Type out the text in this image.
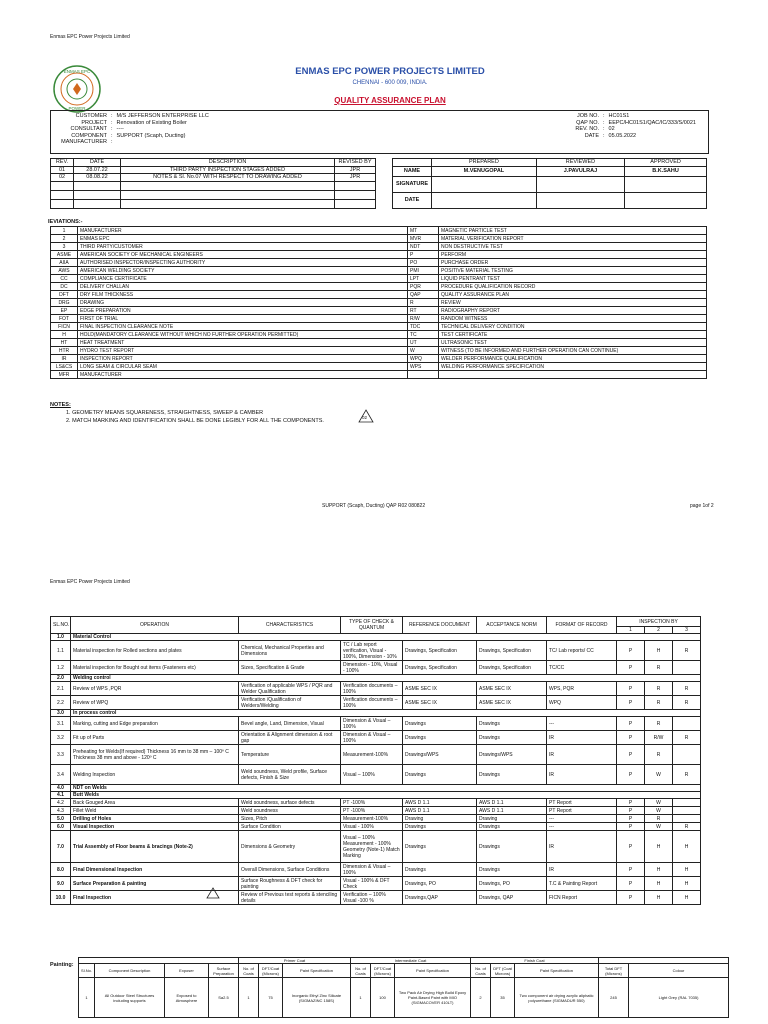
Enmas EPC Power Projects Limited
ENMAS EPC
POWER
ENMAS EPC POWER PROJECTS LIMITED
CHENNAI - 600 009, INDIA.
QUALITY ASSURANCE PLAN
CUSTOMER	:	M/S JEFFERSON ENTERPRISE LLC
PROJECT	:	Renovation of Existing Boiler
CONSULTANT	:	----
COMPONENT	:	SUPPORT (Scaph, Ducting)
MANUFACTURER	:	
JOB NO.	:	HC01S1
QAP NO.	:	EEPC/HC01S1/QAC/IC/333/S/0021
REV. NO.	:	02
DATE	:	05.05.2022
REV.	DATE	DESCRIPTION	REVISED BY
01	28.07.22	THIRD PARTY INSPECTION STAGES ADDED	JPR
02	08.08.22	NOTES & Sl. No.07 WITH RESPECT TO DRAWING ADDED	JPR

	PREPARED	REVIEWED	APPROVED
NAME	M.VENUGOPAL	J.PAVULRAJ	B.K.SAHU
SIGNATURE			
DATE			
IEVIATIONS:-
1	MANUFACTURER	MT	MAGNETIC PARTICLE TEST
2	ENMAS EPC	MVR	MATERIAL VERIFICATION REPORT
3	THIRD PARTY/CUSTOMER	NDT	NON DESTRUCTIVE TEST
ASME	AMERICAN SOCIETY OF MECHANICAL ENGINEERS	P	PERFORM
AIIA	AUTHORISED INSPECTOR/INSPECTING AUTHORITY	PO	PURCHASE ORDER
AWS	AMERICAN WELDING SOCIETY	PMI	POSITIVE MATERIAL TESTING
CC	COMPLIANCE CERTIFICATE	LPT	LIQUID PENTRANT TEST
DC	DELIVERY CHALLAN	PQR	PROCEDURE QUALIFICATION RECORD
DFT	DRY FILM THICKNESS	QAP	QUALITY ASSURANCE PLAN
DRG	DRAWING	R	REVIEW
EP	EDGE PREPARATION	RT	RADIOGRAPHY REPORT
FOT	FIRST OF TRIAL	R/W	RANDOM WITNESS
FICN	FINAL INSPECTION CLEARANCE NOTE	TDC	TECHNICAL DELIVERY CONDITION
H	HOLD(MANDATORY CLEARANCE WITHOUT WHICH NO FURTHER OPERATION PERMITTED)	TC	TEST CERTIFICATE
HT	HEAT TREATMENT	UT	ULTRASONIC TEST
HTR	HYDRO TEST REPORT	W	WITNESS (TO BE INFORMED AND FURTHER OPERATION CAN CONTINUE)
IR	INSPECTION REPORT	WPQ	WELDER PERFORMANCE QUALIFICATION
LS&CS	LONG SEAM & CIRCULAR SEAM	WPS	WELDING PERFORMANCE SPECIFICATION
MFR	MANUFACTURER		
NOTES:
1. GEOMETRY MEANS SQUARENESS, STRAIGHTNESS, SWEEP & CAMBER
2. MATCH MARKING AND IDENTIFICATION SHALL BE DONE LEGIBLY FOR ALL THE COMPONENTS.
02
SUPPORT (Scaph, Ducting) QAP R02 080822	page 1of 2
Enmas EPC Power Projects Limited
SL.NO.	OPERATION	CHARACTERISTICS	TYPE OF CHECK & QUANTUM	REFERENCE DOCUMENT	ACCEPTANCE NORM	FORMAT OF RECORD	INSPECTION BY		
							1	2	3
1.0	Material Control								
1.1	Material inspection for Rolled sections and plates	Chemical, Mechanical Properties and Dimensions	TC / Lab report verification, Visual - 100%, Dimension - 10%	Drawings, Specification	Drawings, Specification	TC/ Lab reports/ CC	P	H	R
1.2	Material inspection for Bought out items (Fasteners etc)	Sizes, Specification & Grade	Dimension - 10%, Visual - 100%	Drawings, Specification	Drawings, Specification	TC/CC	P	R	
2.0	Welding control								
2.1	Review of WPS ,PQR	Verification of applicable WPS / PQR and Welder Qualification	Verification documents – 100%	ASME SEC IX	ASME SEC IX	WPS, PQR	P	R	R
2.2	Review of WPQ	Verification /Qualification of Welders/Welding	Verification documents – 100%	ASME SEC IX	ASME SEC IX	WPQ	P	R	R
3.0	In process control								
3.1	Marking, cutting and Edge preparation	Bevel angle, Land, Dimension, Visual	Dimension & Visual – 100%	Drawings	Drawings	---	P	R	
3.2	Fit up of Parts	Orientation & Alignment dimension & root gap	Dimension & Visual – 100%	Drawings	Drawings	IR	P	R/W	R
3.3	Preheating for Welds(If required) Thickness 16 mm to 38 mm – 100º C Thickness 38 mm and above - 120º C	Temperature	Measurement-100%	Drawings/WPS	Drawings/WPS	IR	P	R	
3.4	Welding Inspection	Weld soundness, Weld profile, Surface defects, Finish & Size	Visual – 100%	Drawings	Drawings	IR	P	W	R
4.0	NDT on Welds								
4.1	Butt Welds								
4.2	Back Gouged Area	Weld soundness, surface defects	PT -100%	AWS D 1.1	AWS D 1.1	PT Report	P	W	
4.3	Fillet Weld	Weld soundness	PT -100%	AWS D 1.1	AWS D 1.1	PT Report	P	W	
5.0	Drilling of Holes	Sizes, Pitch	Measurement-100%	Drawing	Drawing	---	P	R	
6.0	Visual Inspection	Surface Condition	Visual - 100%	Drawings	Drawings	---	P	W	R
7.0	Trial Assembly of Floor beams & bracings (Note-2)	Dimensions & Geometry	Visual – 100% Measurement - 100% Geometry (Note-1) Match Marking	Drawings	Drawings	IR	P	H	H
8.0	Final Dimensional Inspection	Overall Dimensions, Surface Conditions	Dimension & Visual – 100%	Drawings	Drawings	IR	P	H	H
9.0	Surface Preparation & painting	Surface Roughness & DFT check for painting	Visual - 100% & DFT Check	Drawings, PO	Drawings, PO	T.C & Painting Report	P	H	H
10.0	Final Inspection	Review of Previous test reports & stenciling details	Verification – 100% Visual -100 %	Drawings,QAP	Drawings, QAP	FICN Report	P	H	H
Painting:
				Primer Coat			Intermediate Coat			Finish Coat				
Sl.No.	Component Description	Exposer	Surface Preparation	No. of Coats	DFT/Coat (Microns)	Paint Specification	No. of Coats	DFT/Coat (Microns)	Paint Specification	No. of Coats	DFT (Coat Microns)	Paint Specification	Total DFT (Microns)	Colour
1	All Outdoor Steel Structures including supports	Exposed to Atmosphere	Sa2.5	1	75	Inorganic Ethyl Zinc Silicate (SIGMAZINC 158S)	1	100	Two Pack Air Drying High Build Epoxy Paint-Based Paint with MIO (SIGMACOVER 410LT)	2	35	Two component air drying acrylic aliphatic polyurethane (SIGMADUR 550)	245	Light Grey (RAL 7035)
